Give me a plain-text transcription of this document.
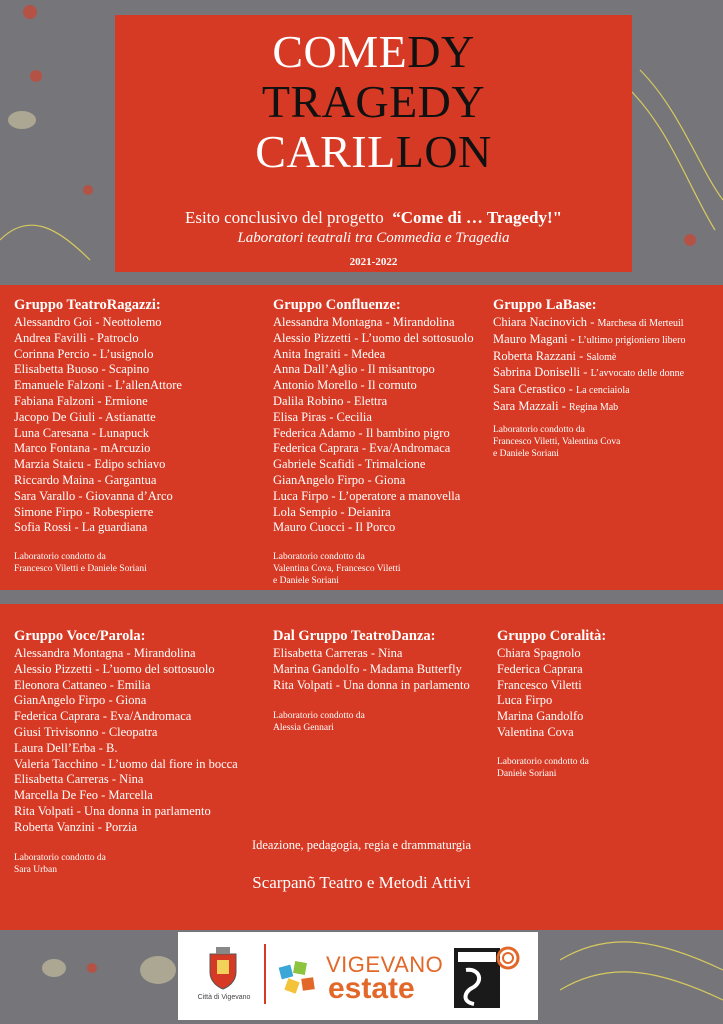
COMEDY
TRAGEDY
CARILLON
Esito conclusivo del progetto “Come di … Tragedy!"
Laboratori teatrali tra Commedia e Tragedia
2021-2022
Gruppo TeatroRagazzi:
Alessandro Goi - Neottolemo
Andrea Favilli - Patroclo
Corinna Percio - L’usignolo
Elisabetta Buoso - Scapino
Emanuele Falzoni - L’allenAttore
Fabiana Falzoni - Ermione
Jacopo De Giuli - Astianatte
Luna Caresana - Lunapuck
Marco Fontana - mArcuzio
Marzia Staicu - Edipo schiavo
Riccardo Maina - Gargantua
Sara Varallo - Giovanna d’Arco
Simone Firpo - Robespierre
Sofia Rossi - La guardiana
Laboratorio condotto da
Francesco Viletti e Daniele Soriani
Gruppo Confluenze:
Alessandra Montagna - Mirandolina
Alessio Pizzetti - L’uomo del sottosuolo
Anita Ingraiti - Medea
Anna Dall’Aglio - Il misantropo
Antonio Morello - Il cornuto
Dalila Robino - Elettra
Elisa Piras - Cecilia
Federica Adamo - Il bambino pigro
Federica Caprara - Eva/Andromaca
Gabriele Scafidi - Trimalcione
GianAngelo Firpo - Giona
Luca Firpo - L’operatore a manovella
Lola Sempio - Deianira
Mauro Cuocci - Il Porco
Laboratorio condotto da
Valentina Cova, Francesco Viletti
e Daniele Soriani
Gruppo LaBase:
Chiara Nacinovich - Marchesa di Merteuil
Mauro Magani - L’ultimo prigioniero libero
Roberta Razzani - Salomè
Sabrina Doniselli - L’avvocato delle donne
Sara Cerastico - La cenciaiola
Sara Mazzali - Regina Mab
Laboratorio condotto da
Francesco Viletti, Valentina Cova
e Daniele Soriani
Gruppo Voce/Parola:
Alessandra Montagna - Mirandolina
Alessio Pizzetti - L’uomo del sottosuolo
Eleonora Cattaneo - Emilia
GianAngelo Firpo - Giona
Federica Caprara - Eva/Andromaca
Giusi Trivisonno - Cleopatra
Laura Dell’Erba - B.
Valeria Tacchino - L’uomo dal fiore in bocca
Elisabetta Carreras - Nina
Marcella De Feo - Marcella
Rita Volpati - Una donna in parlamento
Roberta Vanzini - Porzia
Laboratorio condotto da
Sara Urban
Dal Gruppo TeatroDanza:
Elisabetta Carreras - Nina
Marina Gandolfo - Madama Butterfly
Rita Volpati - Una donna in parlamento
Laboratorio condotto da
Alessia Gennari
Gruppo Coralità:
Chiara Spagnolo
Federica Caprara
Francesco Viletti
Luca Firpo
Marina Gandolfo
Valentina Cova
Laboratorio condotto da
Daniele Soriani
Ideazione, pedagogia, regia e drammaturgia
Scarpanõ Teatro e Metodi Attivi
Città di Vigevano
VIGEVANO
estate
